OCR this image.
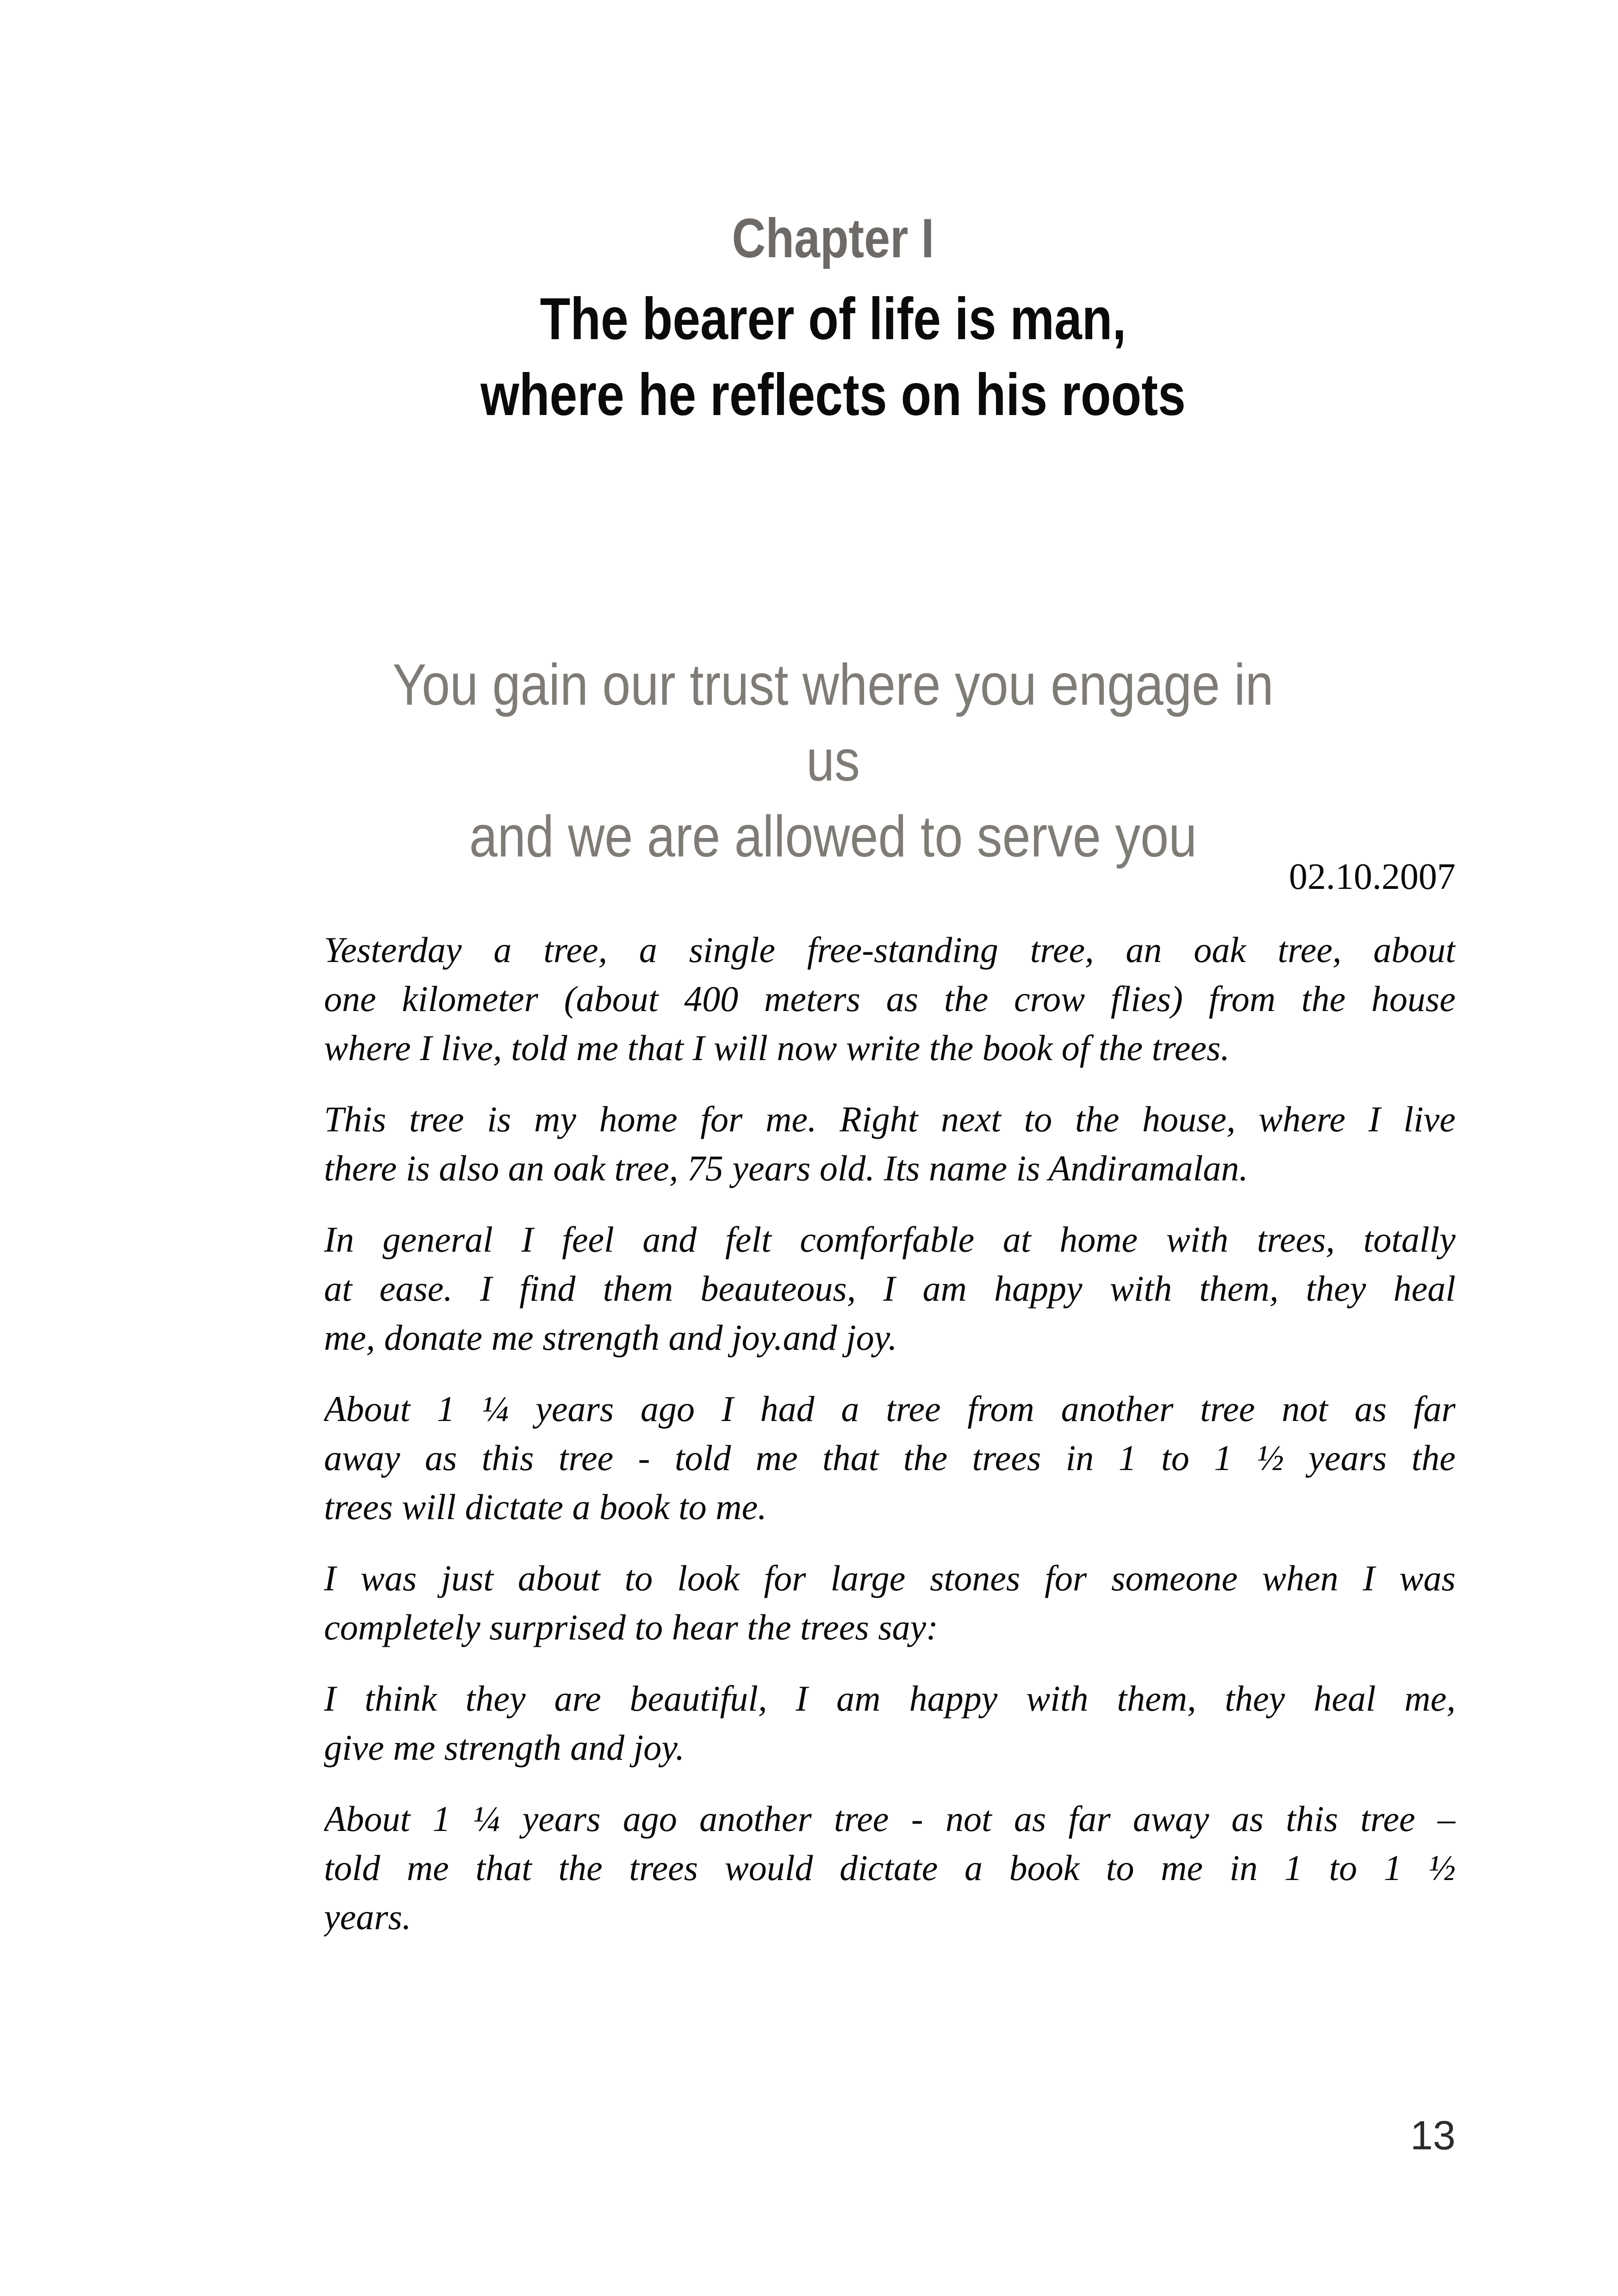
Chapter I
The bearer of life is man,
where he reflects on his roots
You gain our trust where you engage in us
and we are allowed to serve you
02.10.2007
Yesterday a tree, a single free-standing tree, an oak tree, about
one kilometer (about 400 meters as the crow flies) from the house
where I live, told me that I will now write the book of the trees.
This tree is my home for me. Right next to the house, where I live
there is also an oak tree, 75 years old. Its name is Andiramalan.
In general I feel and felt comforfable at home with trees, totally
at ease. I find them beauteous, I am happy with them, they heal
me, donate me strength and joy.and joy.
About 1 ¼ years ago I had a tree from another tree not as far
away as this tree - told me that the trees in 1 to 1 ½ years the
trees will dictate a book to me.
I was just about to look for large stones for someone when I was
completely surprised to hear the trees say:
I think they are beautiful, I am happy with them, they heal me,
give me strength and joy.
About 1 ¼ years ago another tree - not as far away as this tree –
told me that the trees would dictate a book to me in 1 to 1 ½
years.
13
